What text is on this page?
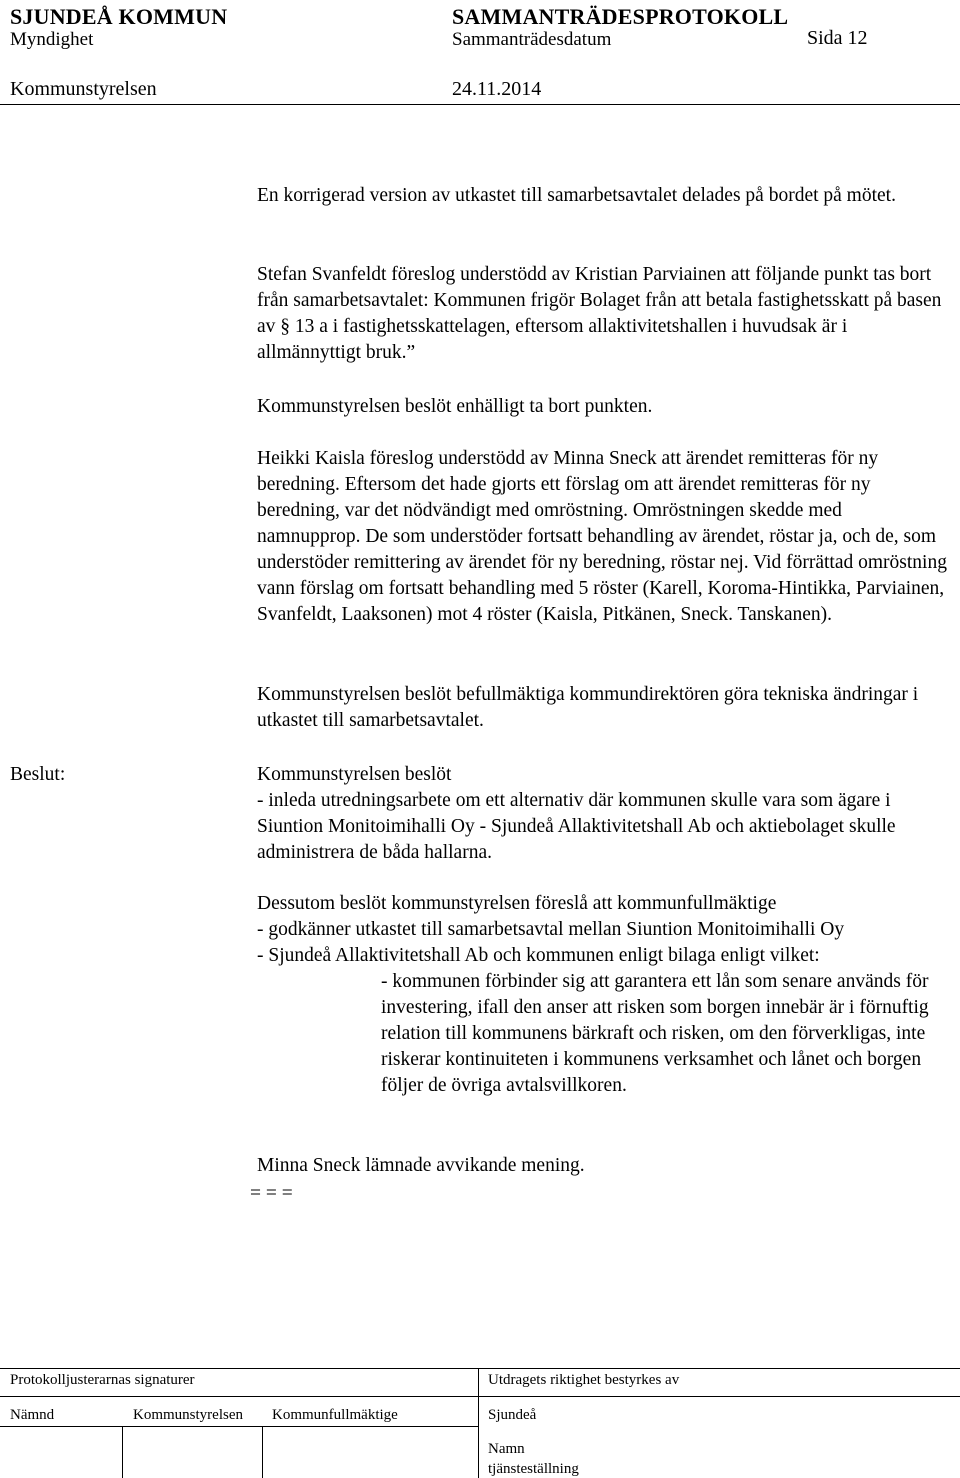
SJUNDEÅ KOMMUN	SAMMANTRÄDESPROTOKOLL
Myndighet	Sammanträdesdatum	Sida 12
Kommunstyrelsen	24.11.2014

En korrigerad version av utkastet till samarbetsavtalet delades på bordet på mötet.

Stefan Svanfeldt föreslog understödd av Kristian Parviainen att följande punkt tas bort från samarbetsavtalet: Kommunen frigör Bolaget från att betala fastighetsskatt på basen av § 13 a i fastighetsskattelagen, eftersom allaktivitetshallen i huvudsak är i allmännyttigt bruk.”

Kommunstyrelsen beslöt enhälligt ta bort punkten.

Heikki Kaisla föreslog understödd av Minna Sneck att ärendet remitteras för ny beredning. Eftersom det hade gjorts ett förslag om att ärendet remitteras för ny beredning, var det nödvändigt med omröstning. Omröstningen skedde med namnupprop. De som understöder fortsatt behandling av ärendet, röstar ja, och de, som understöder remittering av ärendet för ny beredning, röstar nej. Vid förrättad omröstning vann förslag om fortsatt behandling med 5 röster (Karell, Koroma-Hintikka, Parviainen, Svanfeldt, Laaksonen) mot 4 röster (Kaisla, Pitkänen, Sneck. Tanskanen).

Kommunstyrelsen beslöt befullmäktiga kommundirektören göra tekniska ändringar i utkastet till samarbetsavtalet.

Beslut:	Kommunstyrelsen beslöt

- inleda utredningsarbete om ett alternativ där kommunen skulle vara som ägare i Siuntion Monitoimihalli Oy - Sjundeå Allaktivitetshall Ab och aktiebolaget skulle administrera de båda hallarna.

Dessutom beslöt kommunstyrelsen föreslå att kommunfullmäktige

- godkänner utkastet till samarbetsavtal mellan Siuntion Monitoimihalli Oy

- Sjundeå Allaktivitetshall Ab och kommunen enligt bilaga enligt vilket:

- kommunen förbinder sig att garantera ett lån som senare används för investering, ifall den anser att risken som borgen innebär är i förnuftig relation till kommunens bärkraft och risken, om den förverkligas, inte riskerar kontinuiteten i kommunens verksamhet och lånet och borgen följer de övriga avtalsvillkoren.

Minna Sneck lämnade avvikande mening.

= = =
Protokolljusterarnas signaturer	Utdragets riktighet bestyrkes av
Nämnd	Kommunstyrelsen Kommunfullmäktige	Sjundeå
Namn
tjänsteställning
